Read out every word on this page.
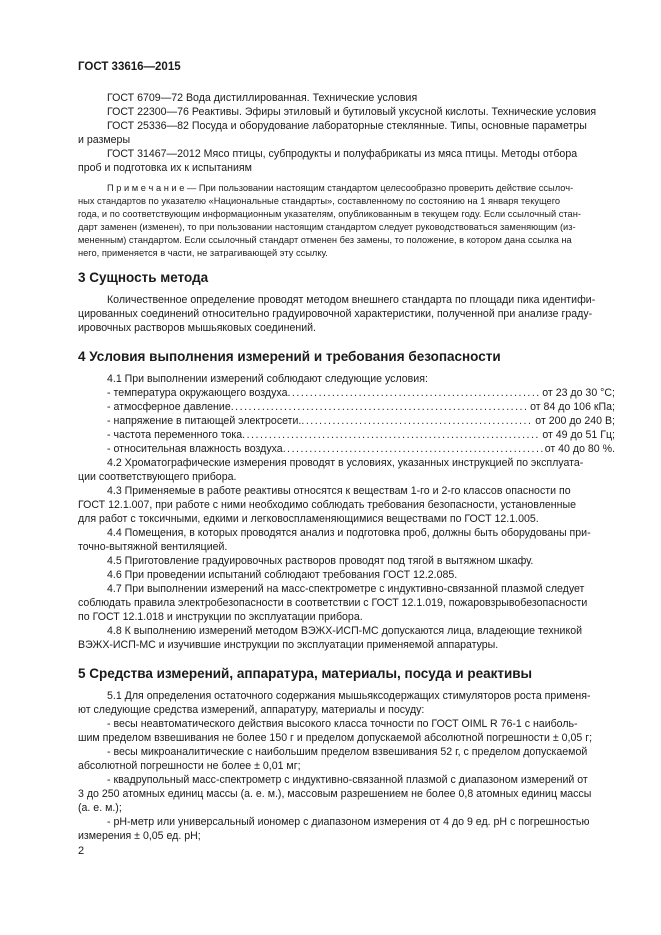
ГОСТ 33616—2015
ГОСТ 6709—72 Вода дистиллированная. Технические условия
ГОСТ 22300—76 Реактивы. Эфиры этиловый и бутиловый уксусной кислоты. Технические условия
ГОСТ 25336—82 Посуда и оборудование лабораторные стеклянные. Типы, основные параметры
и размеры
ГОСТ 31467—2012 Мясо птицы, субпродукты и полуфабрикаты из мяса птицы. Методы отбора
проб и подготовка их к испытаниям
П р и м е ч а н и е — При пользовании настоящим стандартом целесообразно проверить действие ссылоч-
ных стандартов по указателю «Национальные стандарты», составленному по состоянию на 1 января текущего
года, и по соответствующим информационным указателям, опубликованным в текущем году. Если ссылочный стан-
дарт заменен (изменен), то при пользовании настоящим стандартом следует руководствоваться заменяющим (из-
мененным) стандартом. Если ссылочный стандарт отменен без замены, то положение, в котором дана ссылка на
него, применяется в части, не затрагивающей эту ссылку.
3 Сущность метода
Количественное определение проводят методом внешнего стандарта по площади пика идентифи-
цированных соединений относительно градуировочной характеристики, полученной при анализе граду-
ировочных растворов мышьяковых соединений.
4 Условия выполнения измерений и требования безопасности
4.1 При выполнении измерений соблюдают следующие условия:
- температура окружающего воздуха .....	от 23 до 30 °С;
- атмосферное давление .....	от 84 до 106 кПа;
- напряжение в питающей электросети. .....	от 200 до 240 В;
- частота переменного тока .....	от 49 до 51 Гц;
- относительная влажность воздуха .....	от 40 до 80 %.
4.2 Хроматографические измерения проводят в условиях, указанных инструкцией по эксплуата-
ции соответствующего прибора.
4.3 Применяемые в работе реактивы относятся к веществам 1-го и 2-го классов опасности по
ГОСТ 12.1.007, при работе с ними необходимо соблюдать требования безопасности, установленные
для работ с токсичными, едкими и легковоспламеняющимися веществами по ГОСТ 12.1.005.
4.4 Помещения, в которых проводятся анализ и подготовка проб, должны быть оборудованы при-
точно-вытяжной вентиляцией.
4.5 Приготовление градуировочных растворов проводят под тягой в вытяжном шкафу.
4.6 При проведении испытаний соблюдают требования ГОСТ 12.2.085.
4.7 При выполнении измерений на масс-спектрометре с индуктивно-связанной плазмой следует
соблюдать правила электробезопасности в соответствии с ГОСТ 12.1.019, пожаровзрывобезопасности
по ГОСТ 12.1.018 и инструкции по эксплуатации прибора.
4.8 К выполнению измерений методом ВЭЖХ-ИСП-МС допускаются лица, владеющие техникой
ВЭЖХ-ИСП-МС и изучившие инструкции по эксплуатации применяемой аппаратуры.
5 Средства измерений, аппаратура, материалы, посуда и реактивы
5.1 Для определения остаточного содержания мышьяксодержащих стимуляторов роста применя-
ют следующие средства измерений, аппаратуру, материалы и посуду:
- весы неавтоматического действия высокого класса точности по ГОСТ OIML R 76-1 с наиболь-
шим пределом взвешивания не более 150 г и пределом допускаемой абсолютной погрешности ± 0,05 г;
- весы микроаналитические с наибольшим пределом взвешивания 52 г, с пределом допускаемой
абсолютной погрешности не более ± 0,01 мг;
- квадрупольный масс-спектрометр с индуктивно-связанной плазмой с диапазоном измерений от
3 до 250 атомных единиц массы (а. е. м.), массовым разрешением не более 0,8 атомных единиц массы
(а. е. м.);
- pH-метр или универсальный иономер с диапазоном измерения от 4 до 9 ед. pH с погрешностью
измерения ± 0,05 ед. pH;
2
